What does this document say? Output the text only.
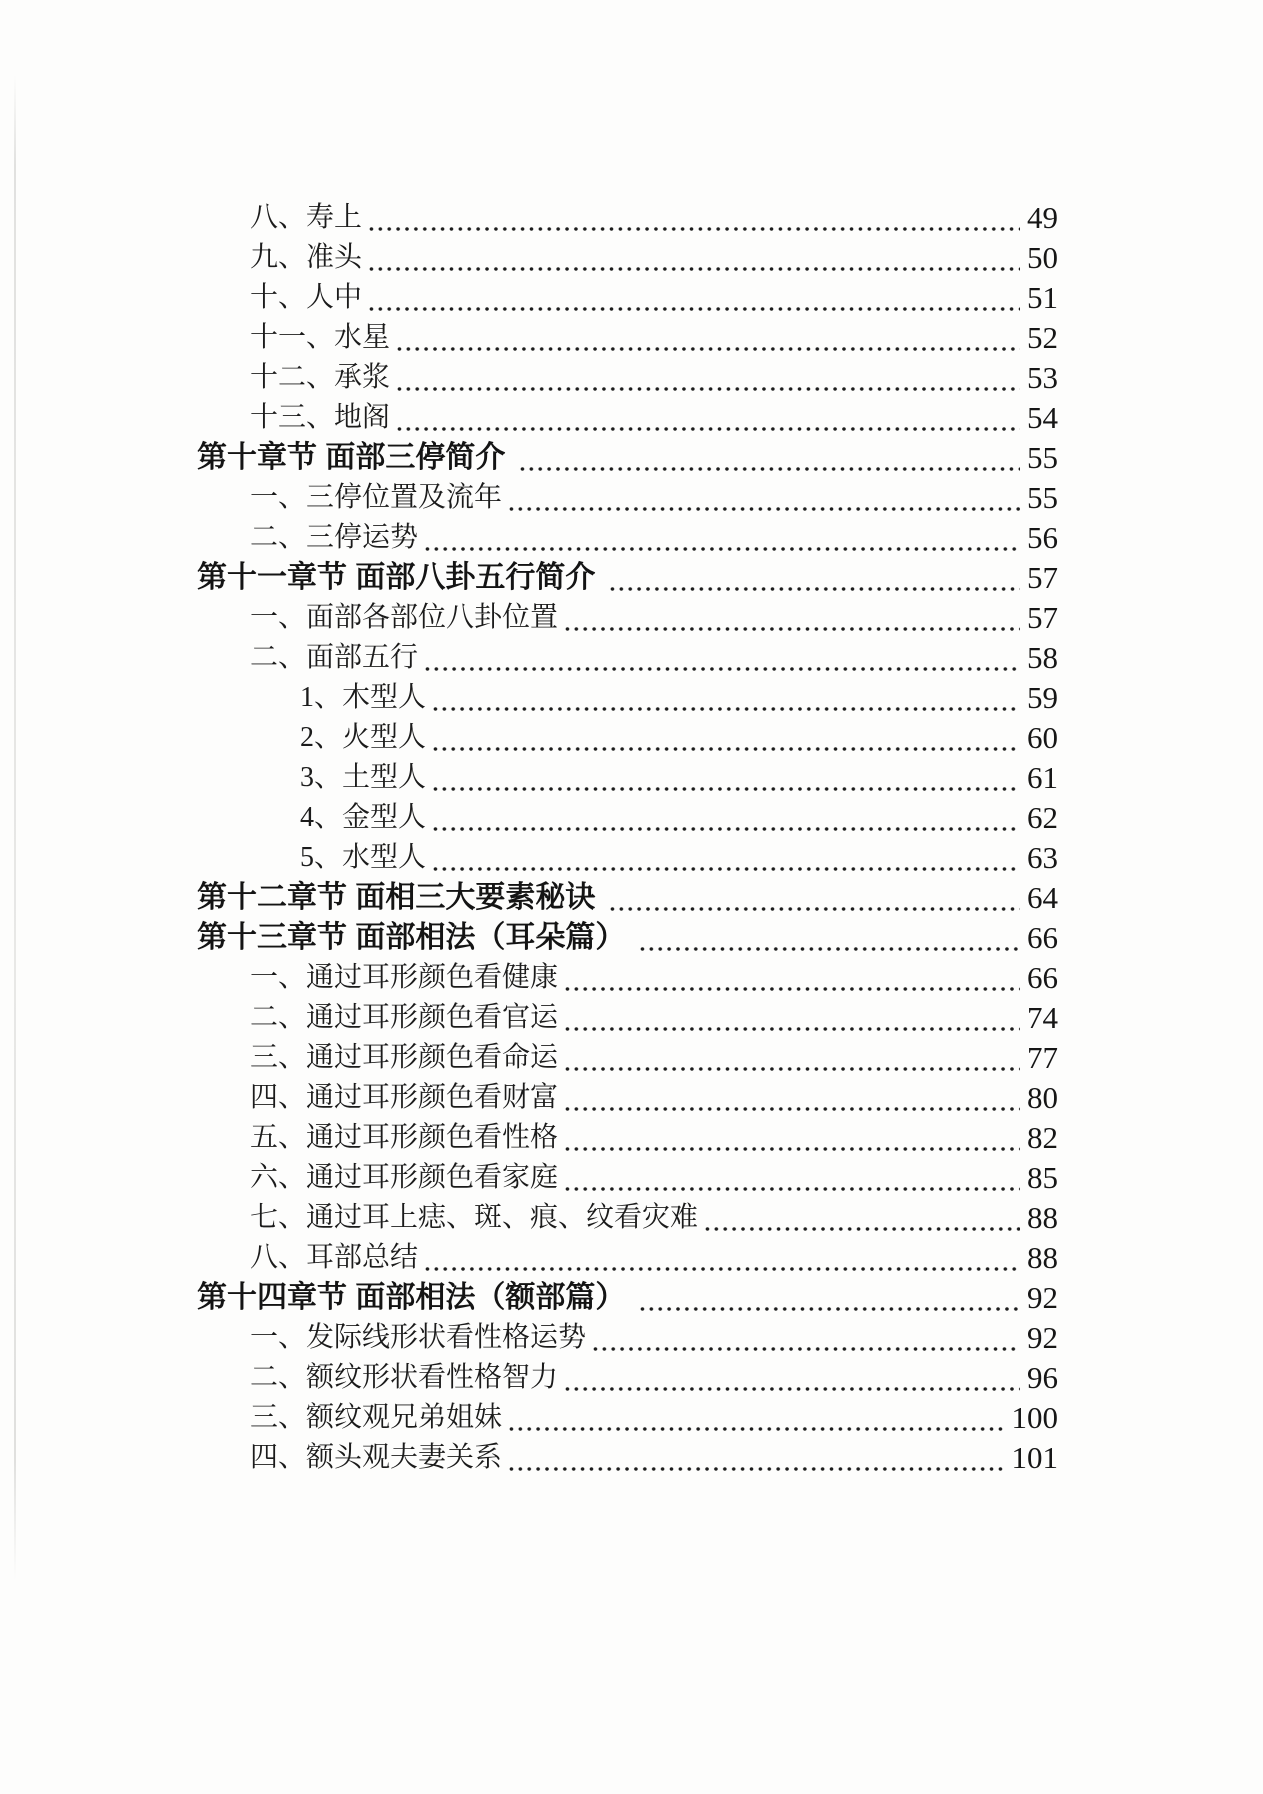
八、寿上	49
九、准头	50
十、人中	51
十一、水星	52
十二、承浆	53
十三、地阁	54
第十章节 面部三停简介	55
一、三停位置及流年	55
二、三停运势	56
第十一章节 面部八卦五行简介	57
一、面部各部位八卦位置	57
二、面部五行	58
1、木型人	59
2、火型人	60
3、土型人	61
4、金型人	62
5、水型人	63
第十二章节 面相三大要素秘诀	64
第十三章节 面部相法（耳朵篇）	66
一、通过耳形颜色看健康	66
二、通过耳形颜色看官运	74
三、通过耳形颜色看命运	77
四、通过耳形颜色看财富	80
五、通过耳形颜色看性格	82
六、通过耳形颜色看家庭	85
七、通过耳上痣、斑、痕、纹看灾难	88
八、耳部总结	88
第十四章节 面部相法（额部篇）	92
一、发际线形状看性格运势	92
二、额纹形状看性格智力	96
三、额纹观兄弟姐妹	100
四、额头观夫妻关系	101
